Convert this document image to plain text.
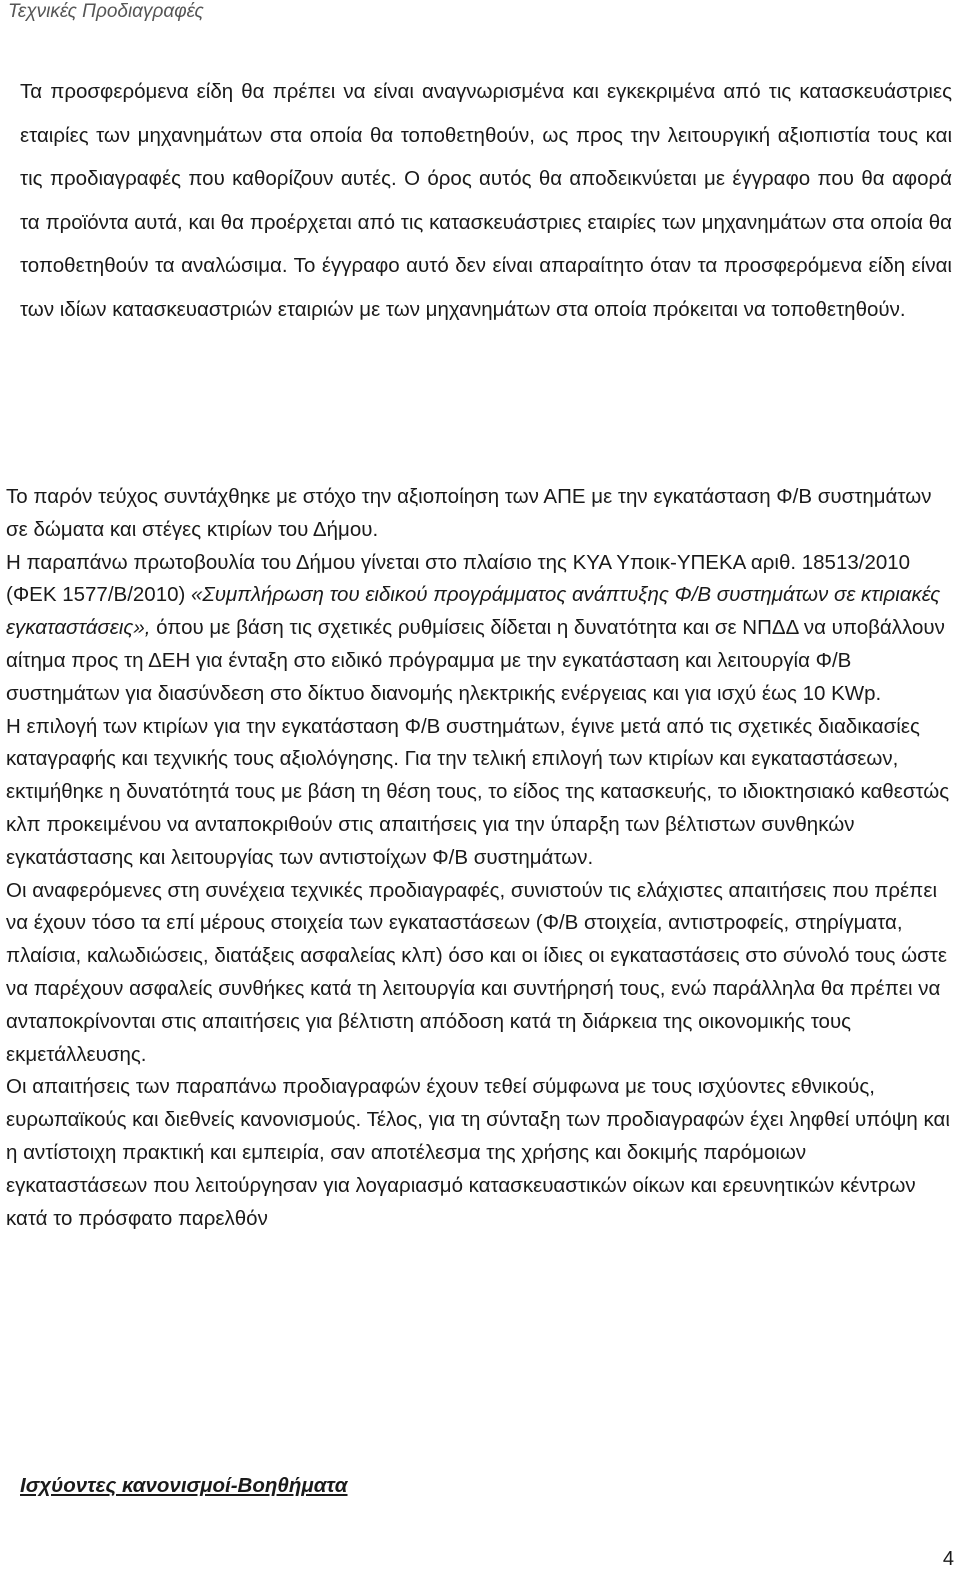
Τεχνικές Προδιαγραφές

Τα προσφερόμενα είδη θα πρέπει να είναι αναγνωρισμένα και εγκεκριμένα από τις κατασκευάστριες εταιρίες των μηχανημάτων στα οποία θα τοποθετηθούν, ως προς την λειτουργική αξιοπιστία τους και τις προδιαγραφές που καθορίζουν αυτές. Ο όρος αυτός θα αποδεικνύεται με έγγραφο που θα αφορά τα προϊόντα αυτά, και θα προέρχεται από τις κατασκευάστριες εταιρίες των μηχανημάτων στα οποία θα τοποθετηθούν τα αναλώσιμα. Το έγγραφο αυτό δεν είναι απαραίτητο όταν τα προσφερόμενα είδη είναι των ιδίων κατασκευαστριών εταιριών με των μηχανημάτων στα οποία πρόκειται να τοποθετηθούν.

Το παρόν τεύχος συντάχθηκε με στόχο την αξιοποίηση των ΑΠΕ με την εγκατάσταση Φ/Β συστημάτων σε δώματα και στέγες κτιρίων του Δήμου.

Η παραπάνω πρωτοβουλία του Δήμου γίνεται στο πλαίσιο της ΚΥΑ Υποικ-ΥΠΕΚΑ αριθ. 18513/2010 (ΦΕΚ 1577/Β/2010) «Συμπλήρωση του ειδικού προγράμματος ανάπτυξης Φ/Β συστημάτων σε κτιριακές εγκαταστάσεις», όπου με βάση τις σχετικές ρυθμίσεις δίδεται η δυνατότητα και σε ΝΠΔΔ να υποβάλλουν αίτημα προς τη ΔΕΗ για ένταξη στο ειδικό πρόγραμμα με την εγκατάσταση και λειτουργία Φ/Β συστημάτων για διασύνδεση στο δίκτυο διανομής ηλεκτρικής ενέργειας και για ισχύ έως 10 KWp.

Η επιλογή των κτιρίων για την εγκατάσταση Φ/Β συστημάτων, έγινε μετά από τις σχετικές διαδικασίες καταγραφής και τεχνικής τους αξιολόγησης. Για την τελική επιλογή των κτιρίων και εγκαταστάσεων, εκτιμήθηκε η δυνατότητά τους με βάση τη θέση τους, το είδος της κατασκευής, το ιδιοκτησιακό καθεστώς κλπ προκειμένου να ανταποκριθούν στις απαιτήσεις για την ύπαρξη των βέλτιστων συνθηκών εγκατάστασης και λειτουργίας των αντιστοίχων Φ/Β συστημάτων.

Οι αναφερόμενες στη συνέχεια τεχνικές προδιαγραφές, συνιστούν τις ελάχιστες απαιτήσεις που πρέπει να έχουν τόσο τα επί μέρους στοιχεία των εγκαταστάσεων (Φ/Β στοιχεία, αντιστροφείς, στηρίγματα, πλαίσια, καλωδιώσεις, διατάξεις ασφαλείας κλπ) όσο και οι ίδιες οι εγκαταστάσεις στο σύνολό τους ώστε να παρέχουν ασφαλείς συνθήκες κατά τη λειτουργία και συντήρησή τους, ενώ παράλληλα θα πρέπει να ανταποκρίνονται στις απαιτήσεις για βέλτιστη απόδοση κατά τη διάρκεια της οικονομικής τους εκμετάλλευσης.

Οι απαιτήσεις των παραπάνω προδιαγραφών έχουν τεθεί σύμφωνα με τους ισχύοντες εθνικούς, ευρωπαϊκούς και διεθνείς κανονισμούς. Τέλος, για τη σύνταξη των προδιαγραφών έχει ληφθεί υπόψη και η αντίστοιχη πρακτική και εμπειρία, σαν αποτέλεσμα της χρήσης και δοκιμής παρόμοιων εγκαταστάσεων που λειτούργησαν για λογαριασμό κατασκευαστικών οίκων και ερευνητικών κέντρων κατά το πρόσφατο παρελθόν

Ισχύοντες κανονισμοί-Βοηθήματα
4
